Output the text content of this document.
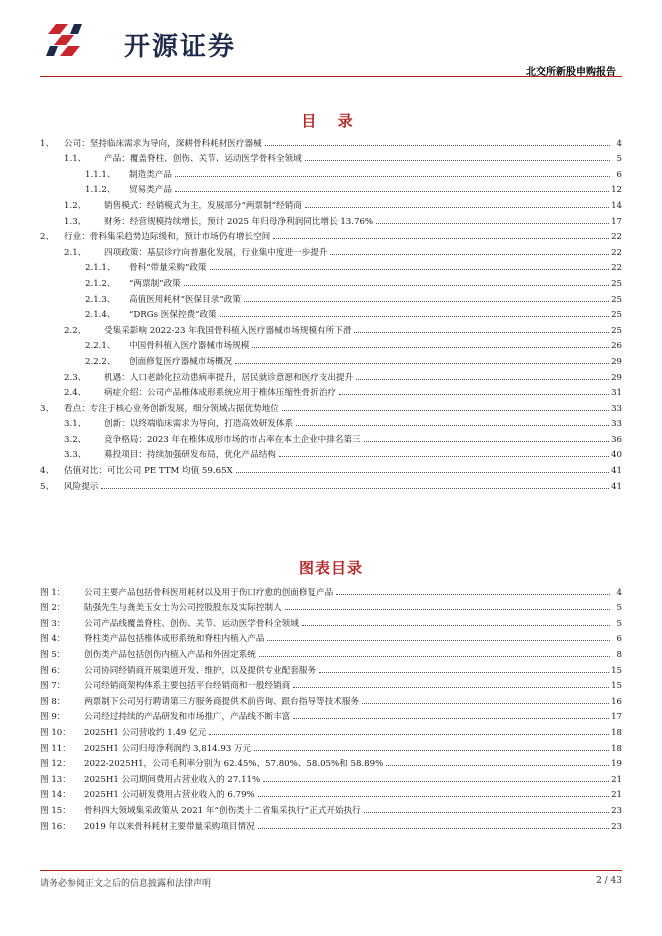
开源证券
北交所新股申购报告
目 录
1、	公司：坚持临床需求为导向，深耕骨科耗材医疗器械	4
1.1、	产品：覆盖脊柱、创伤、关节、运动医学骨科全领域	5
1.1.1、	制造类产品	6
1.1.2、	贸易类产品	12
1.2、	销售模式：经销模式为主，发展部分“两票制”经销商	14
1.3、	财务：经营规模持续增长，预计 2025 年归母净利润同比增长 13.76%	17
2、	行业：骨科集采趋势边际缓和，预计市场仍有增长空间	22
2.1、	四项政策：基层诊疗向普惠化发展，行业集中度进一步提升	22
2.1.1、	骨科“带量采购”政策	22
2.1.2、	“两票制”政策	25
2.1.3、	高值医用耗材“医保目录”政策	25
2.1.4、	“DRGs 医保控费”政策	25
2.2、	受集采影响 2022-23 年我国骨科植入医疗器械市场规模有所下滑	25
2.2.1、	中国骨科植入医疗器械市场规模	26
2.2.2、	创面修复医疗器械市场概况	29
2.3、	机遇：人口老龄化拉动患病率提升，居民就诊意愿和医疗支出提升	29
2.4、	病症介绍：公司产品椎体成形系统应用于椎体压缩性骨折治疗	31
3、	看点：专注于核心业务创新发展，细分领域占据优势地位	33
3.1、	创新：以终端临床需求为导向，打造高效研发体系	33
3.2、	竞争格局：2023 年在椎体成形市场的市占率在本土企业中排名第三	36
3.3、	募投项目：持续加强研发布局，优化产品结构	40
4、	估值对比：可比公司 PE TTM 均值 59.65X	41
5、	风险提示	41
图表目录
图 1：	公司主要产品包括骨科医用耗材以及用于伤口疗愈的创面修复产品	4
图 2：	陆强先生与龚美玉女士为公司控股股东及实际控制人	5
图 3：	公司产品线覆盖脊柱、创伤、关节、运动医学骨科全领域	5
图 4：	脊柱类产品包括椎体成形系统和脊柱内植入产品	6
图 5：	创伤类产品包括创伤内植入产品和外固定系统	8
图 6：	公司协同经销商开展渠道开发、维护，以及提供专业配套服务	15
图 7：	公司经销商架构体系主要包括平台经销商和一般经销商	15
图 8：	两票制下公司另行聘请第三方服务商提供术前咨询、跟台指导等技术服务	16
图 9：	公司经过持续的产品研发和市场推广，产品线不断丰富	17
图 10：	2025H1 公司营收约 1.49 亿元	18
图 11：	2025H1 公司归母净利润约 3,814.93 万元	18
图 12：	2022-2025H1，公司毛利率分别为 62.45%、57.80%、58.05%和 58.89%	19
图 13：	2025H1 公司期间费用占营业收入的 27.11%	21
图 14：	2025H1 公司研发费用占营业收入的 6.79%	21
图 15：	骨科四大领域集采政策从 2021 年“创伤类十二省集采执行”正式开始执行	23
图 16：	2019 年以来骨科耗材主要带量采购项目情况	23
请务必参阅正文之后的信息披露和法律声明	2 / 43
